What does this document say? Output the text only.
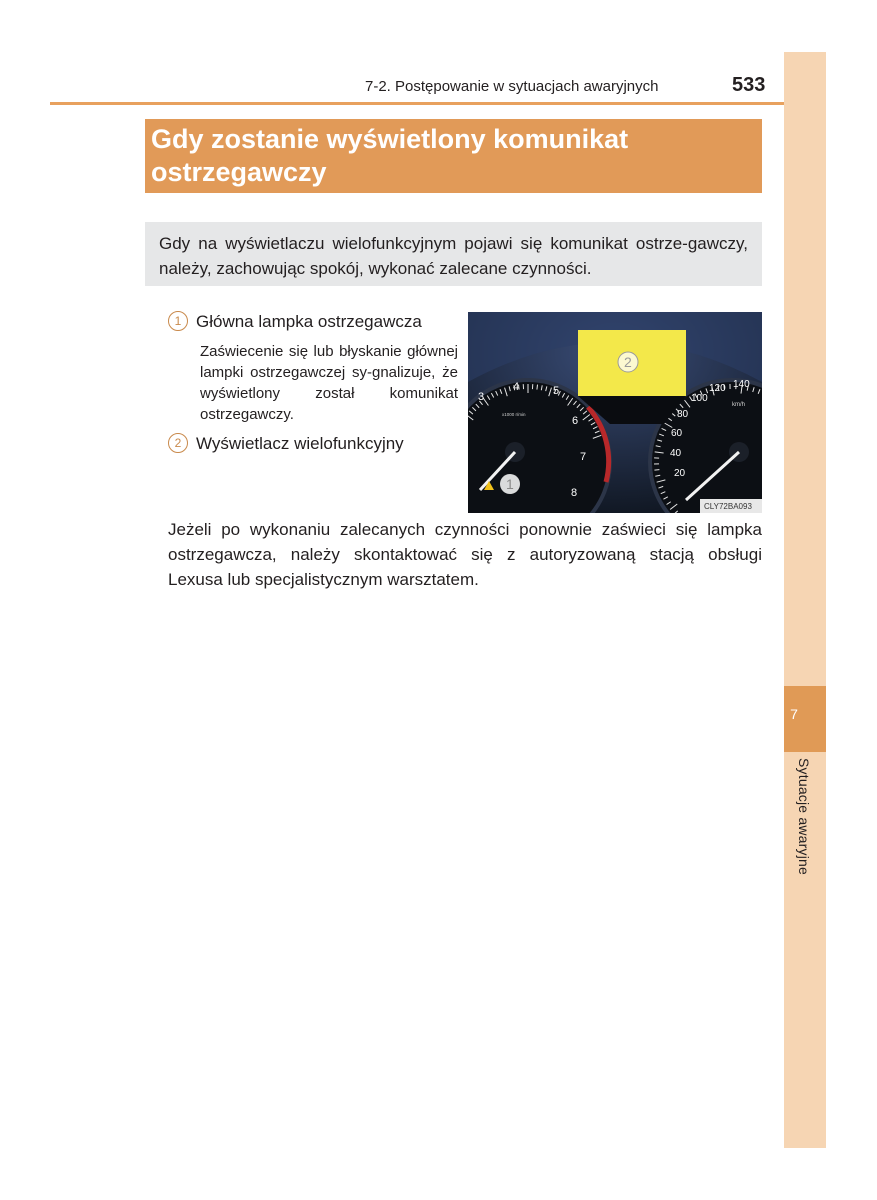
7
Sytuacje awaryjne
7-2. Postępowanie w sytuacjach awaryjnych	533
Gdy zostanie wyświetlony komunikat
ostrzegawczy
Gdy na wyświetlaczu wielofunkcyjnym pojawi się komunikat ostrze-gawczy, należy, zachowując spokój, wykonać zalecane czynności.

1 Główna lampka ostrzegawcza

Zaświecenie się lub błyskanie głównej lampki ostrzegawczej sy-gnalizuje, że wyświetlony został komunikat ostrzegawczy.

2 Wyświetlacz wielofunkcyjny

3
4	5
6
7
8
x1000 r/min
1
20
40
60
80
100
120 140
km/h
2
CLY72BA093
Jeżeli po wykonaniu zalecanych czynności ponownie zaświeci się lampka
ostrzegawcza, należy skontaktować się z autoryzowaną stacją obsługi
Lexusa lub specjalistycznym warsztatem.
